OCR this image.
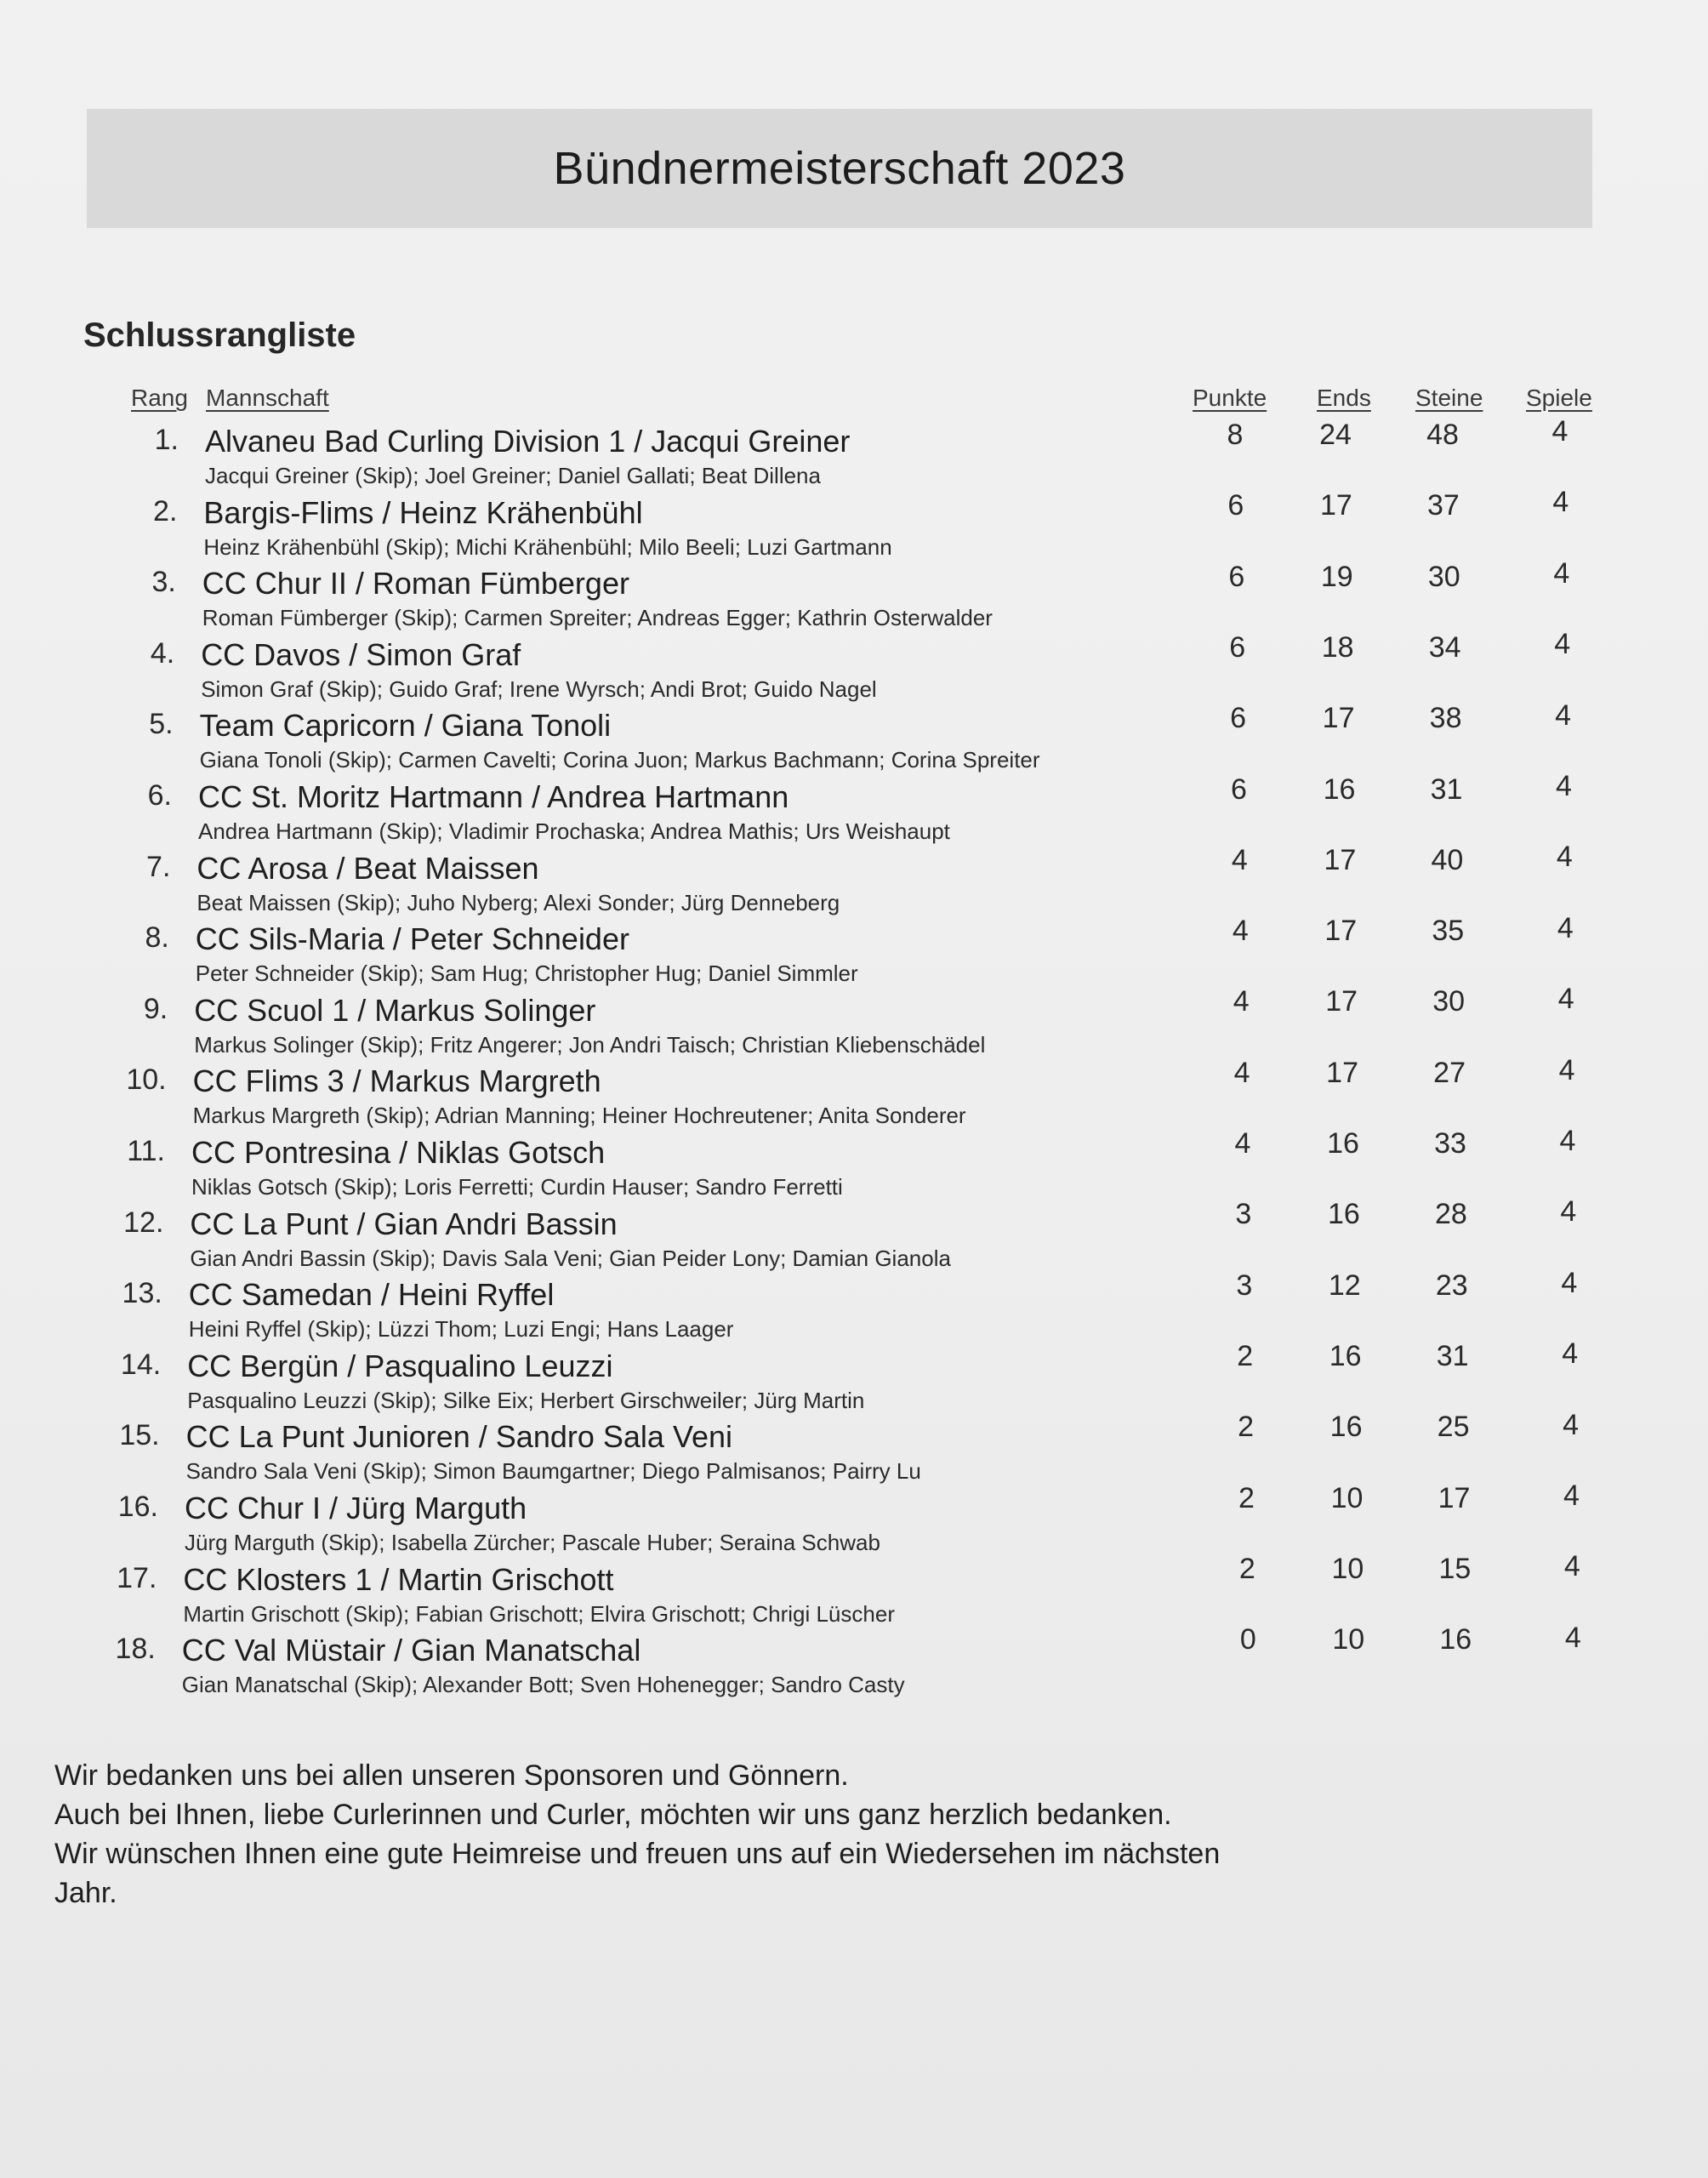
Bündnermeisterschaft 2023
Schlussrangliste
Rang Mannschaft	Punkte Ends Steine Spiele
1. Alvaneu Bad Curling Division 1 / Jacqui Greiner
Jacqui Greiner (Skip); Joel Greiner; Daniel Gallati; Beat Dillena
8	24	48	4
2. Bargis-Flims / Heinz Krähenbühl
Heinz Krähenbühl (Skip); Michi Krähenbühl; Milo Beeli; Luzi Gartmann
6	17	37	4
3. CC Chur II / Roman Fümberger
Roman Fümberger (Skip); Carmen Spreiter; Andreas Egger; Kathrin Osterwalder
6	19	30	4
4. CC Davos / Simon Graf
Simon Graf (Skip); Guido Graf; Irene Wyrsch; Andi Brot; Guido Nagel
6	18	34	4
5. Team Capricorn / Giana Tonoli
Giana Tonoli (Skip); Carmen Cavelti; Corina Juon; Markus Bachmann; Corina Spreiter
6	17	38	4
6. CC St. Moritz Hartmann / Andrea Hartmann
Andrea Hartmann (Skip); Vladimir Prochaska; Andrea Mathis; Urs Weishaupt
6	16	31	4
7. CC Arosa / Beat Maissen
Beat Maissen (Skip); Juho Nyberg; Alexi Sonder; Jürg Denneberg
4	17	40	4
8. CC Sils-Maria / Peter Schneider
Peter Schneider (Skip); Sam Hug; Christopher Hug; Daniel Simmler
4	17	35	4
9. CC Scuol 1 / Markus Solinger
Markus Solinger (Skip); Fritz Angerer; Jon Andri Taisch; Christian Kliebenschädel
4	17	30	4
10. CC Flims 3 / Markus Margreth
Markus Margreth (Skip); Adrian Manning; Heiner Hochreutener; Anita Sonderer
4	17	27	4
11. CC Pontresina / Niklas Gotsch
Niklas Gotsch (Skip); Loris Ferretti; Curdin Hauser; Sandro Ferretti
4	16	33	4
12. CC La Punt / Gian Andri Bassin
Gian Andri Bassin (Skip); Davis Sala Veni; Gian Peider Lony; Damian Gianola
3	16	28	4
13. CC Samedan / Heini Ryffel
Heini Ryffel (Skip); Lüzzi Thom; Luzi Engi; Hans Laager
3	12	23	4
14. CC Bergün / Pasqualino Leuzzi
Pasqualino Leuzzi (Skip); Silke Eix; Herbert Girschweiler; Jürg Martin
2	16	31	4
15. CC La Punt Junioren / Sandro Sala Veni
Sandro Sala Veni (Skip); Simon Baumgartner; Diego Palmisanos; Pairry Lu
2	16	25	4
16. CC Chur I / Jürg Marguth
Jürg Marguth (Skip); Isabella Zürcher; Pascale Huber; Seraina Schwab
2	10	17	4
17. CC Klosters 1 / Martin Grischott
Martin Grischott (Skip); Fabian Grischott; Elvira Grischott; Chrigi Lüscher
2	10	15	4
18. CC Val Müstair / Gian Manatschal
Gian Manatschal (Skip); Alexander Bott; Sven Hohenegger; Sandro Casty
0	10	16	4

Wir bedanken uns bei allen unseren Sponsoren und Gönnern.

Auch bei Ihnen, liebe Curlerinnen und Curler, möchten wir uns ganz herzlich bedanken.

Wir wünschen Ihnen eine gute Heimreise und freuen uns auf ein Wiedersehen im nächsten

Jahr.
